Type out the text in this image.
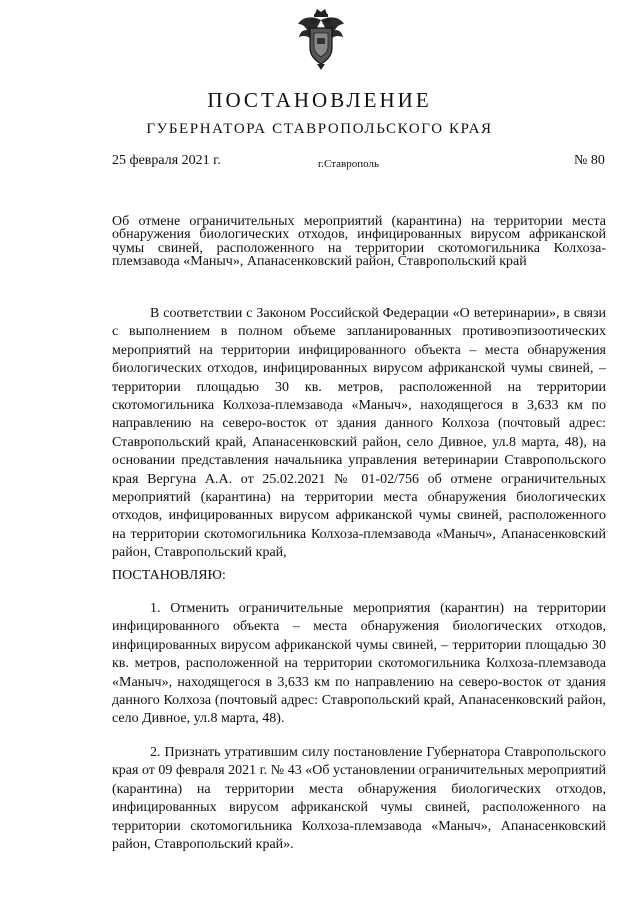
ПОСТАНОВЛЕНИЕ
ГУБЕРНАТОРА СТАВРОПОЛЬСКОГО КРАЯ
25 февраля 2021 г.	г.Ставрополь	№ 80
Об отмене ограничительных мероприятий (карантина) на территории места обнаружения биологических отходов, инфицированных вирусом африканской чумы свиней, расположенного на территории скотомогильника Колхоза-племзавода «Маныч», Апанасенковский район, Ставропольский край
В соответствии с Законом Российской Федерации «О ветеринарии», в связи с выполнением в полном объеме запланированных противоэпизоотических мероприятий на территории инфицированного объекта – места обнаружения биологических отходов, инфицированных вирусом африканской чумы свиней, – территории площадью 30 кв. метров, расположенной на территории скотомогильника Колхоза-племзавода «Маныч», находящегося в 3,633 км по направлению на северо-восток от здания данного Колхоза (почтовый адрес: Ставропольский край, Апанасенковский район, село Дивное, ул.8 марта, 48), на основании представления начальника управления ветеринарии Ставропольского края Вергуна А.А. от 25.02.2021 № 01-02/756 об отмене ограничительных мероприятий (карантина) на территории места обнаружения биологических отходов, инфицированных вирусом африканской чумы свиней, расположенного на территории скотомогильника Колхоза-племзавода «Маныч», Апанасенковский район, Ставропольский край,
ПОСТАНОВЛЯЮ:
1. Отменить ограничительные мероприятия (карантин) на территории инфицированного объекта – места обнаружения биологических отходов, инфицированных вирусом африканской чумы свиней, – территории площадью 30 кв. метров, расположенной на территории скотомогильника Колхоза-племзавода «Маныч», находящегося в 3,633 км по направлению на северо-восток от здания данного Колхоза (почтовый адрес: Ставропольский край, Апанасенковский район, село Дивное, ул.8 марта, 48).
2. Признать утратившим силу постановление Губернатора Ставропольского края от 09 февраля 2021 г. № 43 «Об установлении ограничительных мероприятий (карантина) на территории места обнаружения биологических отходов, инфицированных вирусом африканской чумы свиней, расположенного на территории скотомогильника Колхоза-племзавода «Маныч», Апанасенковский район, Ставропольский край».
